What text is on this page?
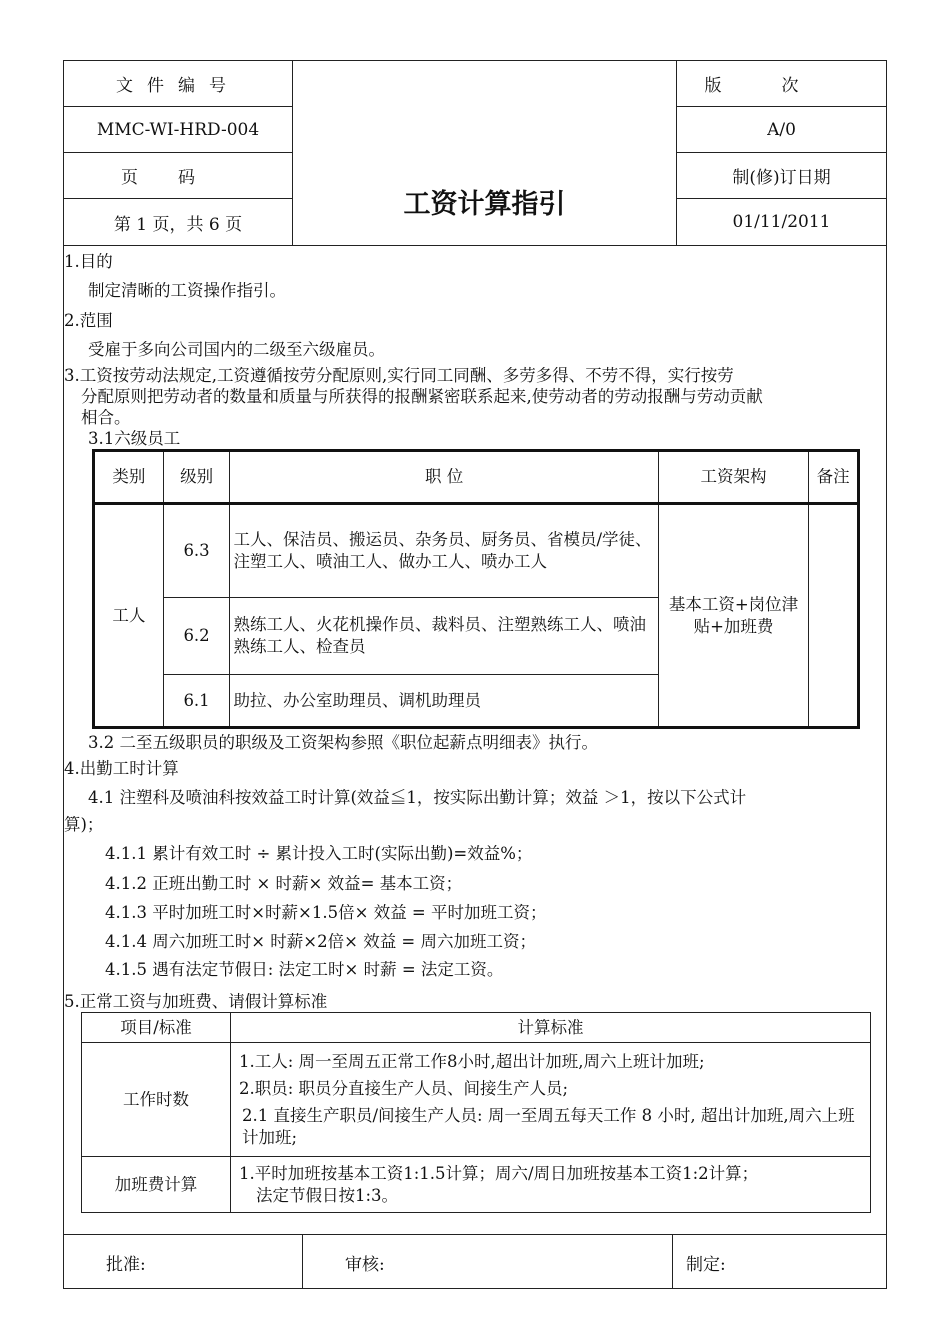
文件编号
MMC-WI-HRD-004
页码
第 1 页，共 6 页
工资计算指引
版次
A/0
制(修)订日期
01/11/2011
1.目的
制定清晰的工资操作指引。
2.范围
受雇于多向公司国内的二级至六级雇员。
3.工资按劳动法规定,工资遵循按劳分配原则,实行同工同酬、多劳多得、不劳不得，实行按劳
分配原则把劳动者的数量和质量与所获得的报酬紧密联系起来,使劳动者的劳动报酬与劳动贡献
相合。
3.1六级员工
类别	级别	职 位	工资架构	备注
工人	6.3	工人、保洁员、搬运员、杂务员、厨务员、省模员/学徒、注塑工人、喷油工人、做办工人、喷办工人	基本工资+岗位津贴+加班费	
	6.2	熟练工人、火花机操作员、裁料员、注塑熟练工人、喷油熟练工人、检查员		
	6.1	助拉、办公室助理员、调机助理员		
3.2 二至五级职员的职级及工资架构参照《职位起薪点明细表》执行。
4.出勤工时计算
4.1 注塑科及喷油科按效益工时计算(效益≦1，按实际出勤计算；效益 ＞1，按以下公式计
算)；
4.1.1 累计有效工时 ÷ 累计投入工时(实际出勤)=效益%；
4.1.2 正班出勤工时 × 时薪× 效益= 基本工资；
4.1.3 平时加班工时×时薪×1.5倍× 效益 = 平时加班工资；
4.1.4 周六加班工时× 时薪×2倍× 效益 = 周六加班工资；
4.1.5 遇有法定节假日: 法定工时× 时薪 = 法定工资。
5.正常工资与加班费、请假计算标准
项目/标准	计算标准
工作时数	1.工人: 周一至周五正常工作8小时,超出计加班,周六上班计加班;
2.职员: 职员分直接生产人员、间接生产人员;
2.1 直接生产职员/间接生产人员: 周一至周五每天工作 8 小时, 超出计加班,周六上班计加班;

加班费计算	1.平时加班按基本工资1:1.5计算；周六/周日加班按基本工资1:2计算；
法定节假日按1:3。
批准:	审核:	制定:
